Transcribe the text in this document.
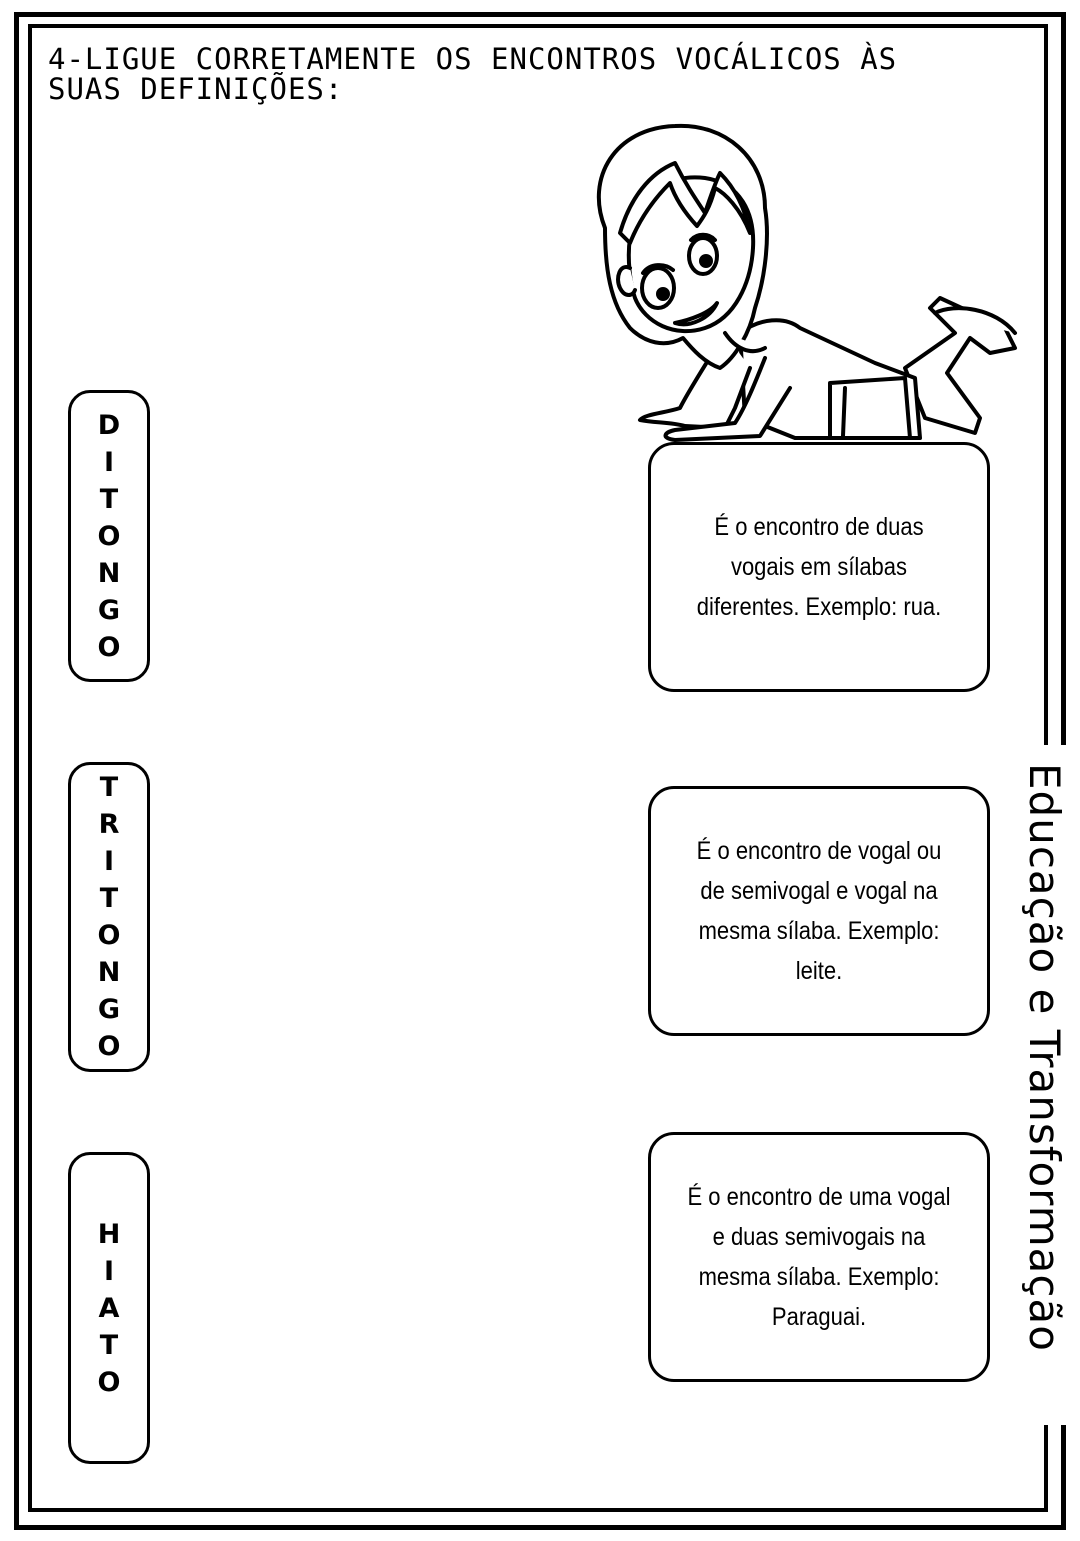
4-LIGUE CORRETAMENTE OS ENCONTROS VOCÁLICOS ÀS
SUAS DEFINIÇÕES:
D
I
T
O
N
G
O
T
R
I
T
O
N
G
O
H
I
A
T
O

É o encontro de duas vogais em sílabas diferentes. Exemplo: rua.

É o encontro de vogal ou de semivogal e vogal na mesma sílaba. Exemplo: leite.

É o encontro de uma vogal e duas semivogais na mesma sílaba. Exemplo: Paraguai.	Educação e Transformação
